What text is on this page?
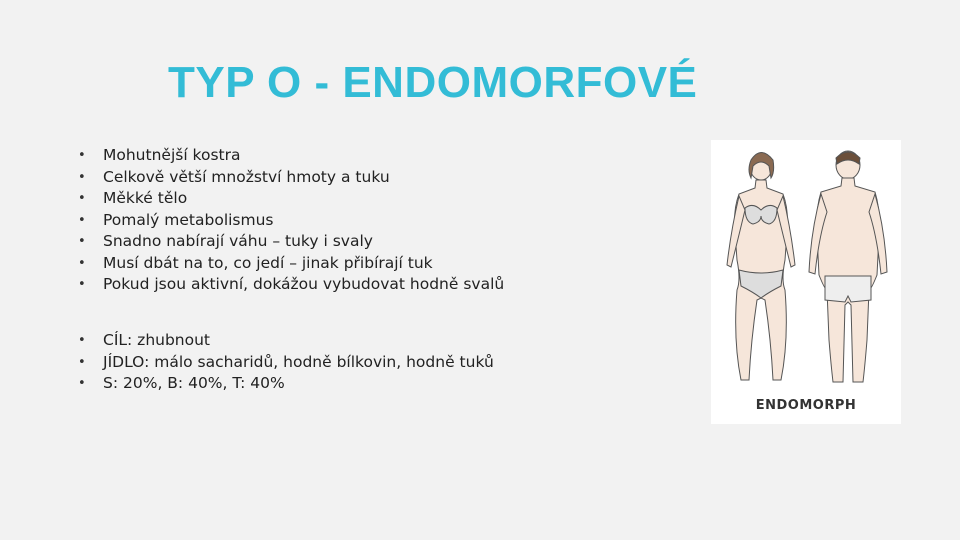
TYP O - ENDOMORFOVÉ
• Mohutnější kostra
• Celkově větší množství hmoty a tuku
• Měkké tělo
• Pomalý metabolismus
• Snadno nabírají váhu – tuky i svaly
• Musí dbát na to, co jedí – jinak přibírají tuk
• Pokud jsou aktivní, dokážou vybudovat hodně svalů
• CÍL: zhubnout
• JÍDLO: málo sacharidů, hodně bílkovin, hodně tuků
• S: 20%, B: 40%, T: 40%
ENDOMORPH
